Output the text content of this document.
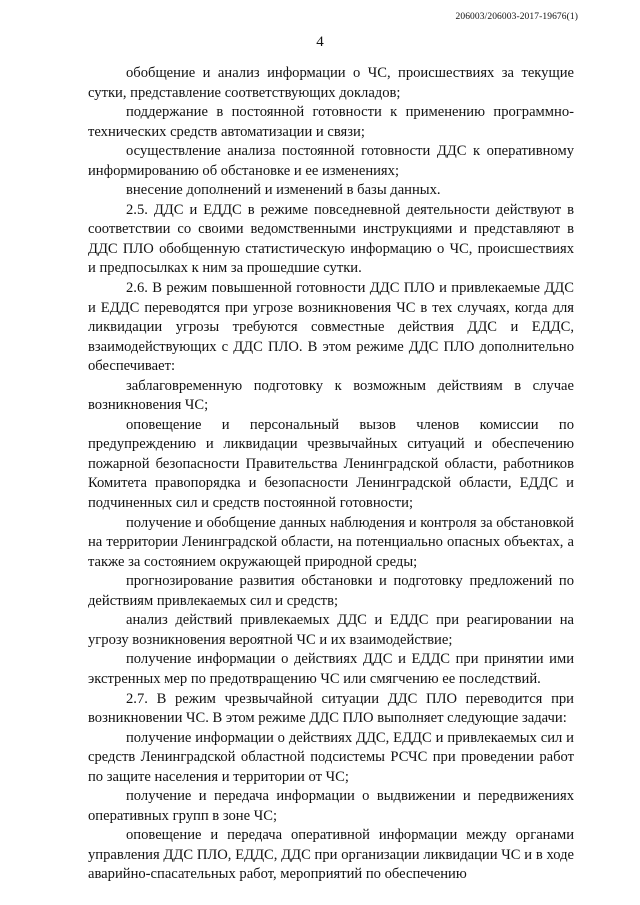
206003/206003-2017-19676(1)
4

обобщение и анализ информации о ЧС, происшествиях за текущие сутки, представление соответствующих докладов;

поддержание в постоянной готовности к применению программно-технических средств автоматизации и связи;

осуществление анализа постоянной готовности ДДС к оперативному информированию об обстановке и ее изменениях;

внесение дополнений и изменений в базы данных.

2.5. ДДС и ЕДДС в режиме повседневной деятельности действуют в соответствии со своими ведомственными инструкциями и представляют в ДДС ПЛО обобщенную статистическую информацию о ЧС, происшествиях и предпосылках к ним за прошедшие сутки.

2.6. В режим повышенной готовности ДДС ПЛО и привлекаемые ДДС и ЕДДС переводятся при угрозе возникновения ЧС в тех случаях, когда для ликвидации угрозы требуются совместные действия ДДС и ЕДДС, взаимодействующих с ДДС ПЛО. В этом режиме ДДС ПЛО дополнительно обеспечивает:

заблаговременную подготовку к возможным действиям в случае возникновения ЧС;

оповещение и персональный вызов членов комиссии по предупреждению и ликвидации чрезвычайных ситуаций и обеспечению пожарной безопасности Правительства Ленинградской области, работников Комитета правопорядка и безопасности Ленинградской области, ЕДДС и подчиненных сил и средств постоянной готовности;

получение и обобщение данных наблюдения и контроля за обстановкой на территории Ленинградской области, на потенциально опасных объектах, а также за состоянием окружающей природной среды;

прогнозирование развития обстановки и подготовку предложений по действиям привлекаемых сил и средств;

анализ действий привлекаемых ДДС и ЕДДС при реагировании на угрозу возникновения вероятной ЧС и их взаимодействие;

получение информации о действиях ДДС и ЕДДС при принятии ими экстренных мер по предотвращению ЧС или смягчению ее последствий.

2.7. В режим чрезвычайной ситуации ДДС ПЛО переводится при возникновении ЧС. В этом режиме ДДС ПЛО выполняет следующие задачи:

получение информации о действиях ДДС, ЕДДС и привлекаемых сил и средств Ленинградской областной подсистемы РСЧС при проведении работ по защите населения и территории от ЧС;

получение и передача информации о выдвижении и передвижениях оперативных групп в зоне ЧС;

оповещение и передача оперативной информации между органами управления ДДС ПЛО, ЕДДС, ДДС при организации ликвидации ЧС и в ходе аварийно-спасательных работ, мероприятий по обеспечению
